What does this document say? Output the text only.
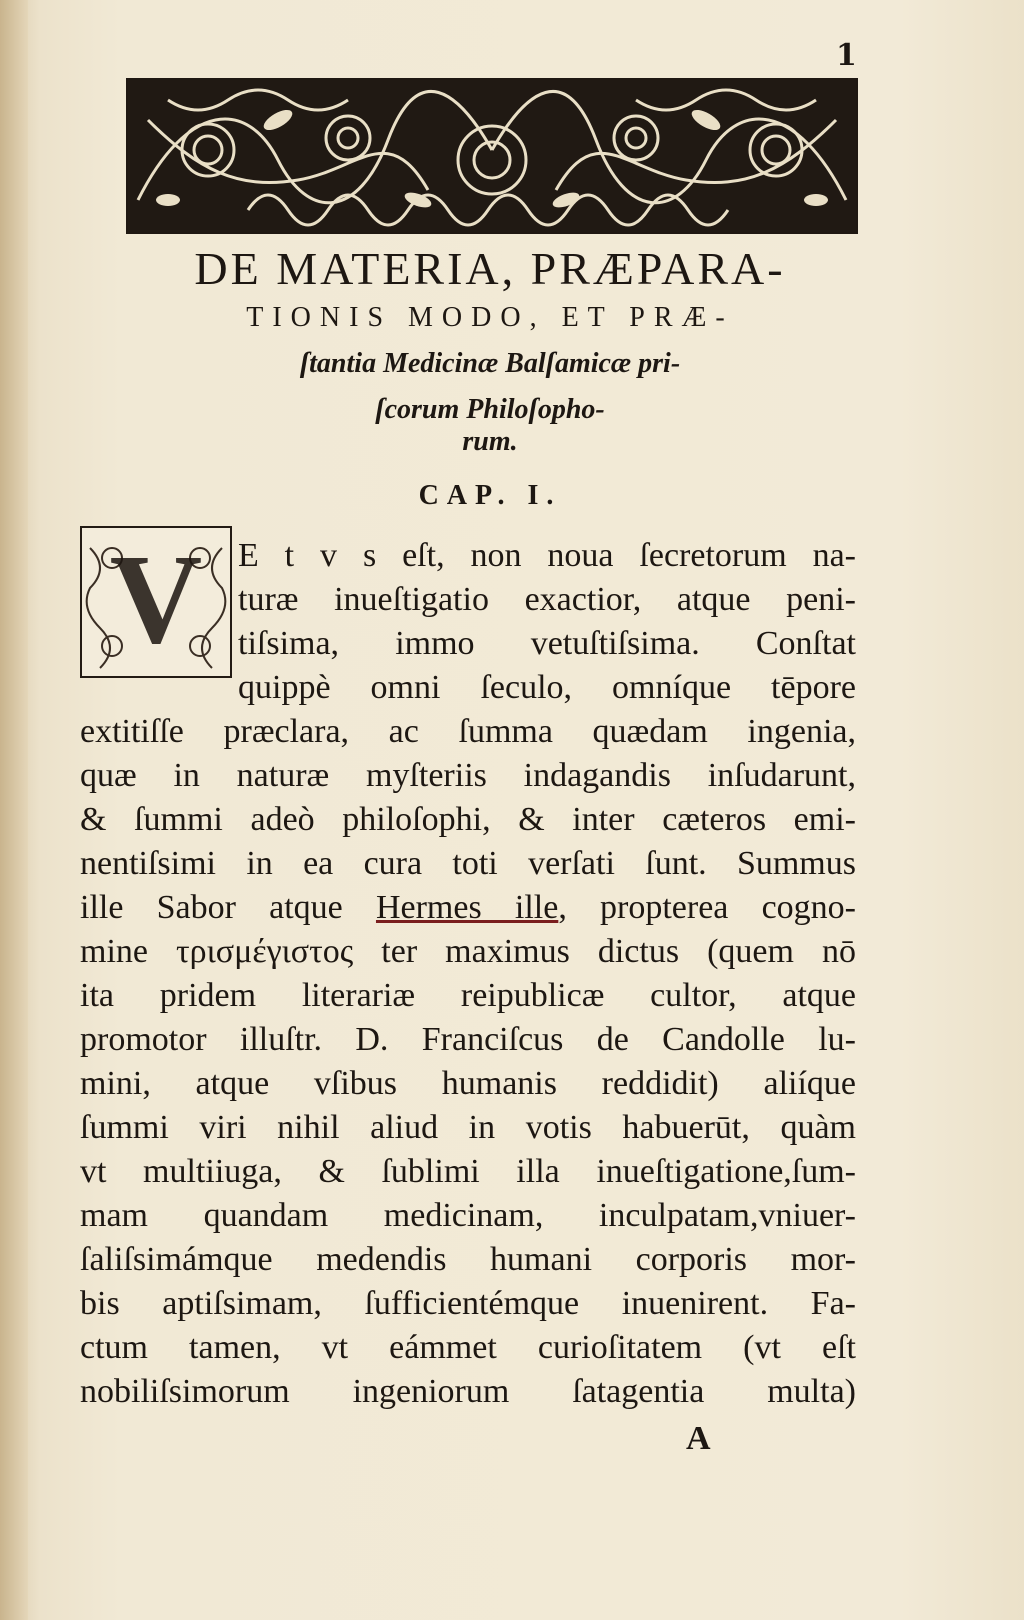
1
DE MATERIA, PRÆPARA-
TIONIS MODO, ET PRÆ-
ſtantia Medicinæ Balſamicæ pri-
ſcorum Philoſopho-
rum.
CAP. I.
V	E t v s eſt, non noua ſecretorum na-
turæ inueſtigatio exactior, atque peni-
tiſsima, immo vetuſtiſsima. Conſtat
quippè omni ſeculo, omníque tēpore
extitiſſe præclara, ac ſumma quædam ingenia,
quæ in naturæ myſteriis indagandis inſudarunt,
& ſummi adeò philoſophi, & inter cæteros emi-
nentiſsimi in ea cura toti verſati ſunt. Summus
ille Sabor atque Hermes ille, propterea cogno-
mine τρισμέγιστος ter maximus dictus (quem nō
ita pridem literariæ reipublicæ cultor, atque
promotor illuſtr. D. Franciſcus de Candolle lu-
mini, atque vſibus humanis reddidit) aliíque
ſummi viri nihil aliud in votis habuerūt, quàm
vt multiiuga, & ſublimi illa inueſtigatione,ſum-
mam quandam medicinam, inculpatam,vniuer-
ſaliſsimámque medendis humani corporis mor-
bis aptiſsimam, ſufficientémque inuenirent. Fa-
ctum tamen, vt eámmet curioſitatem (vt eſt
nobiliſsimorum ingeniorum ſatagentia multa)
A
